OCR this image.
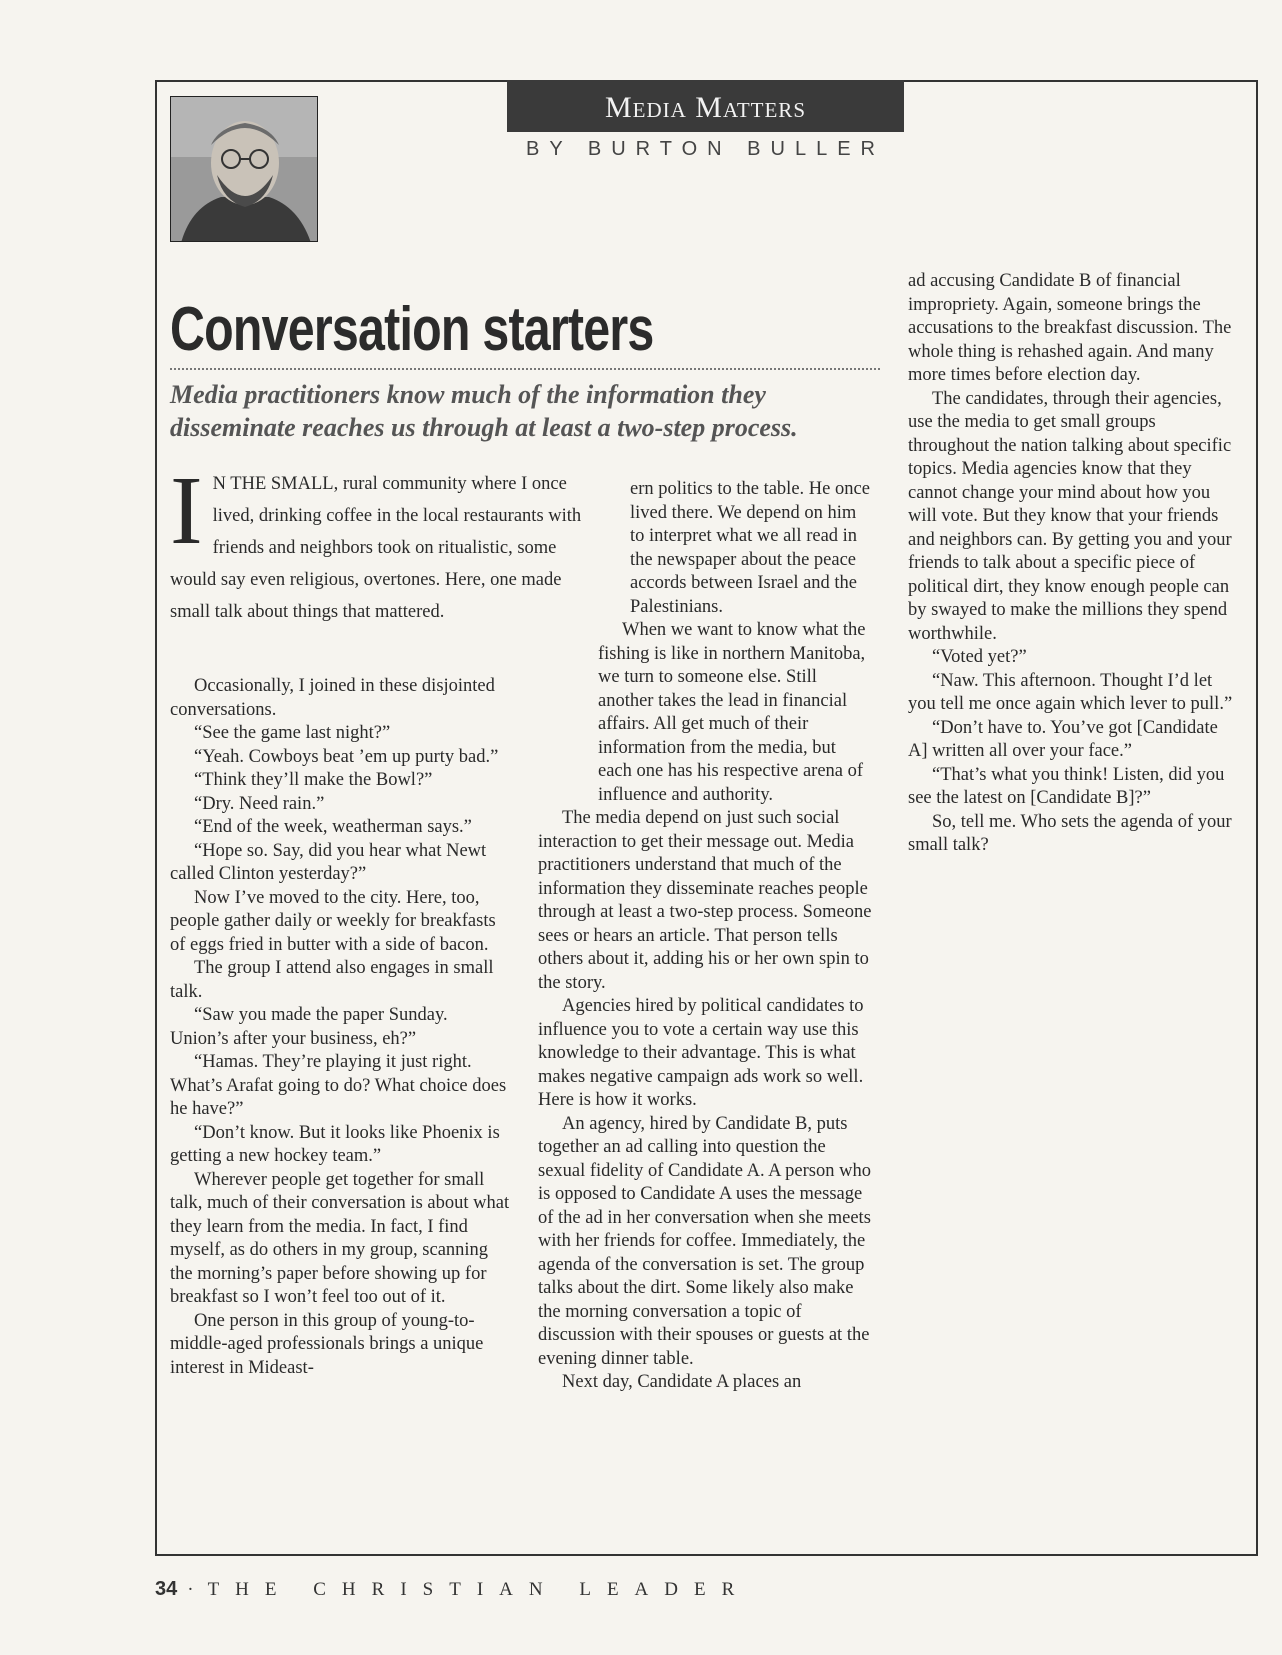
Media Matters
BY BURTON BULLER
Conversation starters
Media practitioners know much of the information they disseminate reaches us through at least a two-step process.
I N THE SMALL, rural community where I once lived, drinking coffee in the local restaurants with friends and neighbors took on ritualistic, some would say even religious, overtones. Here, one made small talk about things that mattered.

Occasionally, I joined in these disjointed conversations.

“See the game last night?”

“Yeah. Cowboys beat ’em up purty bad.”

“Think they’ll make the Bowl?”

“Dry. Need rain.”

“End of the week, weatherman says.”

“Hope so. Say, did you hear what Newt called Clinton yesterday?”

Now I’ve moved to the city. Here, too, people gather daily or weekly for breakfasts of eggs fried in butter with a side of bacon.

The group I attend also engages in small talk.

“Saw you made the paper Sunday. Union’s after your business, eh?”

“Hamas. They’re playing it just right. What’s Arafat going to do? What choice does he have?”

“Don’t know. But it looks like Phoenix is getting a new hockey team.”

Wherever people get together for small talk, much of their conversation is about what they learn from the media. In fact, I find myself, as do others in my group, scanning the morning’s paper before showing up for breakfast so I won’t feel too out of it.

One person in this group of young-to-middle-aged professionals brings a unique interest in Mideast-

ern politics to the table. He once lived there. We depend on him to interpret what we all read in the newspaper about the peace accords between Israel and the Palestinians.

When we want to know what the fishing is like in northern Manitoba, we turn to someone else. Still another takes the lead in financial affairs. All get much of their information from the media, but each one has his respective arena of influence and authority.

The media depend on just such social interaction to get their message out. Media practitioners understand that much of the information they disseminate reaches people through at least a two-step process. Someone sees or hears an article. That person tells others about it, adding his or her own spin to the story.

Agencies hired by political candidates to influence you to vote a certain way use this knowledge to their advantage. This is what makes negative campaign ads work so well. Here is how it works.

An agency, hired by Candidate B, puts together an ad calling into question the sexual fidelity of Candidate A. A person who is opposed to Candidate A uses the message of the ad in her conversation when she meets with her friends for coffee. Immediately, the agenda of the conversation is set. The group talks about the dirt. Some likely also make the morning conversation a topic of discussion with their spouses or guests at the evening dinner table.

Next day, Candidate A places an

ad accusing Candidate B of financial impropriety. Again, someone brings the accusations to the breakfast discussion. The whole thing is rehashed again. And many more times before election day.

The candidates, through their agencies, use the media to get small groups throughout the nation talking about specific topics. Media agencies know that they cannot change your mind about how you will vote. But they know that your friends and neighbors can. By getting you and your friends to talk about a specific piece of political dirt, they know enough people can by swayed to make the millions they spend worthwhile.

“Voted yet?”

“Naw. This afternoon. Thought I’d let you tell me once again which lever to pull.”

“Don’t have to. You’ve got [Candidate A] written all over your face.”

“That’s what you think! Listen, did you see the latest on [Candidate B]?”

So, tell me. Who sets the agenda of your small talk?

34 · THE CHRISTIAN LEADER
